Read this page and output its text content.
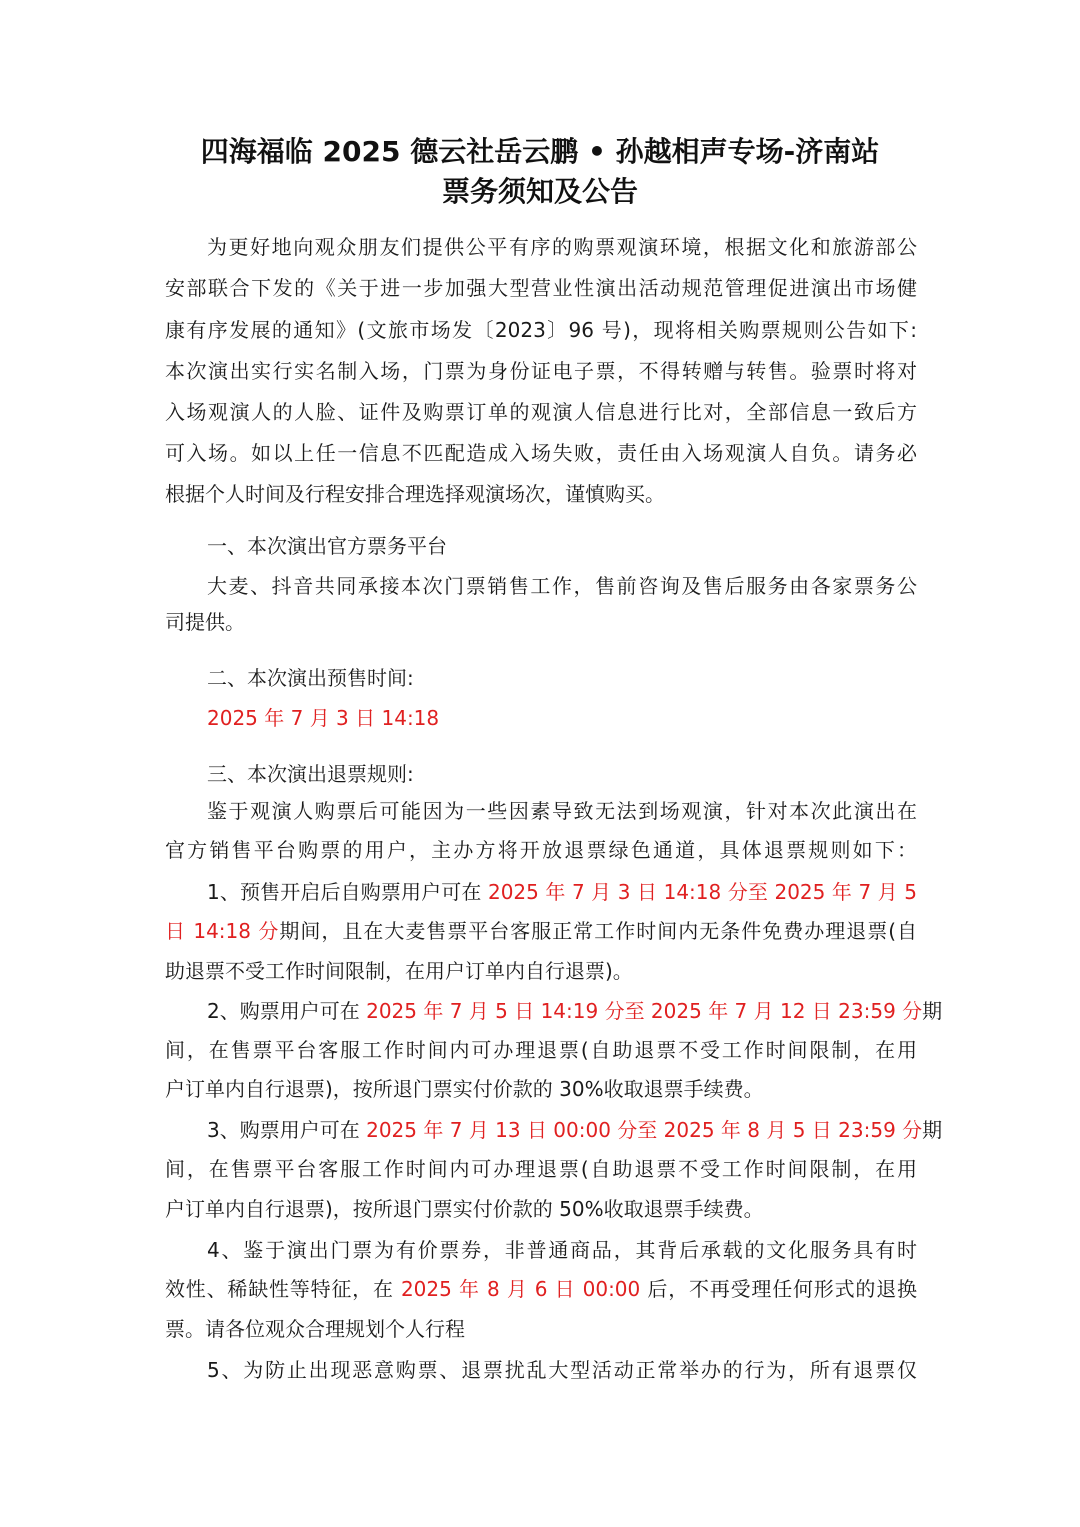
四海福临 2025 德云社岳云鹏 • 孙越相声专场-济南站
票务须知及公告
为更好地向观众朋友们提供公平有序的购票观演环境，根据文化和旅游部公
安部联合下发的《关于进一步加强大型营业性演出活动规范管理促进演出市场健
康有序发展的通知》(文旅市场发〔2023〕96 号)，现将相关购票规则公告如下:
本次演出实行实名制入场，门票为身份证电子票，不得转赠与转售。验票时将对
入场观演人的人脸、证件及购票订单的观演人信息进行比对，全部信息一致后方
可入场。如以上任一信息不匹配造成入场失败，责任由入场观演人自负。请务必
根据个人时间及行程安排合理选择观演场次，谨慎购买。
一、本次演出官方票务平台
大麦、抖音共同承接本次门票销售工作，售前咨询及售后服务由各家票务公
司提供。
二、本次演出预售时间:
2025 年 7 月 3 日 14:18
三、本次演出退票规则:
鉴于观演人购票后可能因为一些因素导致无法到场观演，针对本次此演出在
官方销售平台购票的用户，主办方将开放退票绿色通道，具体退票规则如下：
1、预售开启后自购票用户可在 2025 年 7 月 3 日 14:18 分至 2025 年 7 月 5
日 14:18 分期间，且在大麦售票平台客服正常工作时间内无条件免费办理退票(自
助退票不受工作时间限制，在用户订单内自行退票)。
2、购票用户可在 2025 年 7 月 5 日 14:19 分至 2025 年 7 月 12 日 23:59 分期
间，在售票平台客服工作时间内可办理退票(自助退票不受工作时间限制，在用
户订单内自行退票)，按所退门票实付价款的 30%收取退票手续费。
3、购票用户可在 2025 年 7 月 13 日 00:00 分至 2025 年 8 月 5 日 23:59 分期
间，在售票平台客服工作时间内可办理退票(自助退票不受工作时间限制，在用
户订单内自行退票)，按所退门票实付价款的 50%收取退票手续费。
4、鉴于演出门票为有价票券，非普通商品，其背后承载的文化服务具有时
效性、稀缺性等特征，在 2025 年 8 月 6 日 00:00 后，不再受理任何形式的退换
票。请各位观众合理规划个人行程
5、为防止出现恶意购票、退票扰乱大型活动正常举办的行为，所有退票仅
